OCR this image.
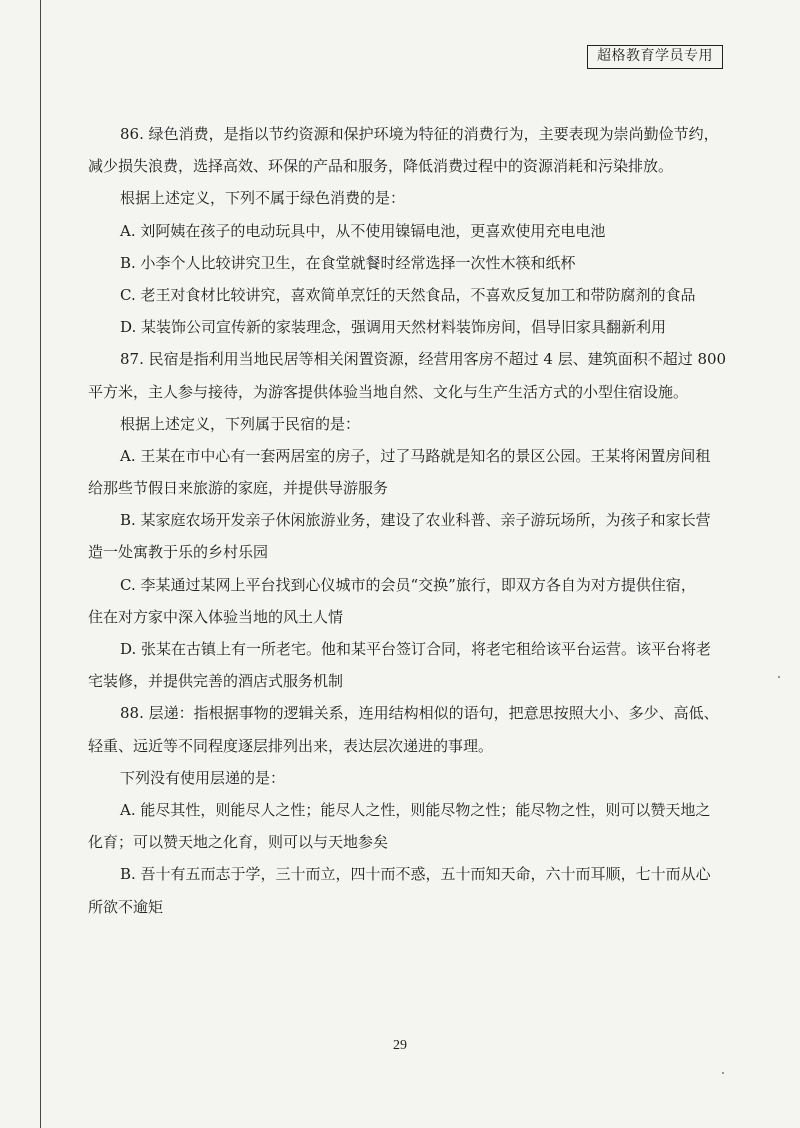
超格教育学员专用
86. 绿色消费，是指以节约资源和保护环境为特征的消费行为，主要表现为崇尚勤俭节约，
减少损失浪费，选择高效、环保的产品和服务，降低消费过程中的资源消耗和污染排放。
根据上述定义，下列不属于绿色消费的是：
A. 刘阿姨在孩子的电动玩具中，从不使用镍镉电池，更喜欢使用充电电池
B. 小李个人比较讲究卫生，在食堂就餐时经常选择一次性木筷和纸杯
C. 老王对食材比较讲究，喜欢简单烹饪的天然食品，不喜欢反复加工和带防腐剂的食品
D. 某装饰公司宣传新的家装理念，强调用天然材料装饰房间，倡导旧家具翻新利用
87. 民宿是指利用当地民居等相关闲置资源，经营用客房不超过 4 层、建筑面积不超过 800
平方米，主人参与接待，为游客提供体验当地自然、文化与生产生活方式的小型住宿设施。
根据上述定义，下列属于民宿的是：
A. 王某在市中心有一套两居室的房子，过了马路就是知名的景区公园。王某将闲置房间租
给那些节假日来旅游的家庭，并提供导游服务
B. 某家庭农场开发亲子休闲旅游业务，建设了农业科普、亲子游玩场所，为孩子和家长营
造一处寓教于乐的乡村乐园
C. 李某通过某网上平台找到心仪城市的会员“交换”旅行，即双方各自为对方提供住宿，
住在对方家中深入体验当地的风土人情
D. 张某在古镇上有一所老宅。他和某平台签订合同，将老宅租给该平台运营。该平台将老
宅装修，并提供完善的酒店式服务机制
88. 层递：指根据事物的逻辑关系，连用结构相似的语句，把意思按照大小、多少、高低、
轻重、远近等不同程度逐层排列出来，表达层次递进的事理。
下列没有使用层递的是：
A. 能尽其性，则能尽人之性；能尽人之性，则能尽物之性；能尽物之性，则可以赞天地之
化育；可以赞天地之化育，则可以与天地参矣
B. 吾十有五而志于学，三十而立，四十而不惑，五十而知天命，六十而耳顺，七十而从心
所欲不逾矩
29
